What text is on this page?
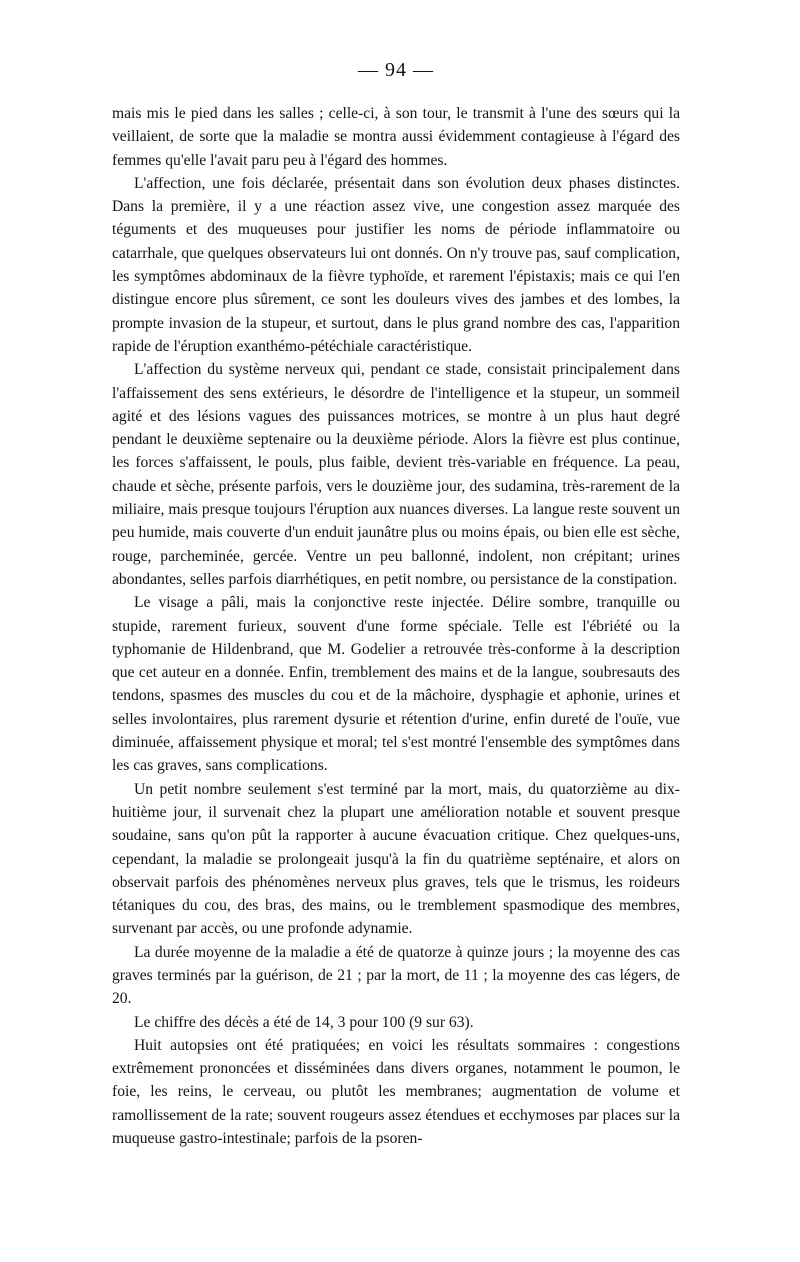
— 94 —

mais mis le pied dans les salles ; celle-ci, à son tour, le transmit à l'une des sœurs qui la veillaient, de sorte que la maladie se montra aussi évidemment contagieuse à l'égard des femmes qu'elle l'avait paru peu à l'égard des hommes.

L'affection, une fois déclarée, présentait dans son évolution deux phases distinctes. Dans la première, il y a une réaction assez vive, une congestion assez marquée des téguments et des muqueuses pour justifier les noms de période inflammatoire ou catarrhale, que quelques observateurs lui ont donnés. On n'y trouve pas, sauf complication, les symptômes abdominaux de la fièvre typhoïde, et rarement l'épistaxis; mais ce qui l'en distingue encore plus sûrement, ce sont les douleurs vives des jambes et des lombes, la prompte invasion de la stupeur, et surtout, dans le plus grand nombre des cas, l'apparition rapide de l'éruption exanthémo-pétéchiale caractéristique.

L'affection du système nerveux qui, pendant ce stade, consistait principalement dans l'affaissement des sens extérieurs, le désordre de l'intelligence et la stupeur, un sommeil agité et des lésions vagues des puissances motrices, se montre à un plus haut degré pendant le deuxième septenaire ou la deuxième période. Alors la fièvre est plus continue, les forces s'affaissent, le pouls, plus faible, devient très-variable en fréquence. La peau, chaude et sèche, présente parfois, vers le douzième jour, des sudamina, très-rarement de la miliaire, mais presque toujours l'éruption aux nuances diverses. La langue reste souvent un peu humide, mais couverte d'un enduit jaunâtre plus ou moins épais, ou bien elle est sèche, rouge, parcheminée, gercée. Ventre un peu ballonné, indolent, non crépitant; urines abondantes, selles parfois diarrhétiques, en petit nombre, ou persistance de la constipation.

Le visage a pâli, mais la conjonctive reste injectée. Délire sombre, tranquille ou stupide, rarement furieux, souvent d'une forme spéciale. Telle est l'ébriété ou la typhomanie de Hildenbrand, que M. Godelier a retrouvée très-conforme à la description que cet auteur en a donnée. Enfin, tremblement des mains et de la langue, soubresauts des tendons, spasmes des muscles du cou et de la mâchoire, dysphagie et aphonie, urines et selles involontaires, plus rarement dysurie et rétention d'urine, enfin dureté de l'ouïe, vue diminuée, affaissement physique et moral; tel s'est montré l'ensemble des symptômes dans les cas graves, sans complications.

Un petit nombre seulement s'est terminé par la mort, mais, du quatorzième au dix-huitième jour, il survenait chez la plupart une amélioration notable et souvent presque soudaine, sans qu'on pût la rapporter à aucune évacuation critique. Chez quelques-uns, cependant, la maladie se prolongeait jusqu'à la fin du quatrième septénaire, et alors on observait parfois des phénomènes nerveux plus graves, tels que le trismus, les roideurs tétaniques du cou, des bras, des mains, ou le tremblement spasmodique des membres, survenant par accès, ou une profonde adynamie.

La durée moyenne de la maladie a été de quatorze à quinze jours ; la moyenne des cas graves terminés par la guérison, de 21 ; par la mort, de 11 ; la moyenne des cas légers, de 20.

Le chiffre des décès a été de 14, 3 pour 100 (9 sur 63).

Huit autopsies ont été pratiquées; en voici les résultats sommaires : congestions extrêmement prononcées et disséminées dans divers organes, notamment le poumon, le foie, les reins, le cerveau, ou plutôt les membranes; augmentation de volume et ramollissement de la rate; souvent rougeurs assez étendues et ecchymoses par places sur la muqueuse gastro-intestinale; parfois de la psoren-
